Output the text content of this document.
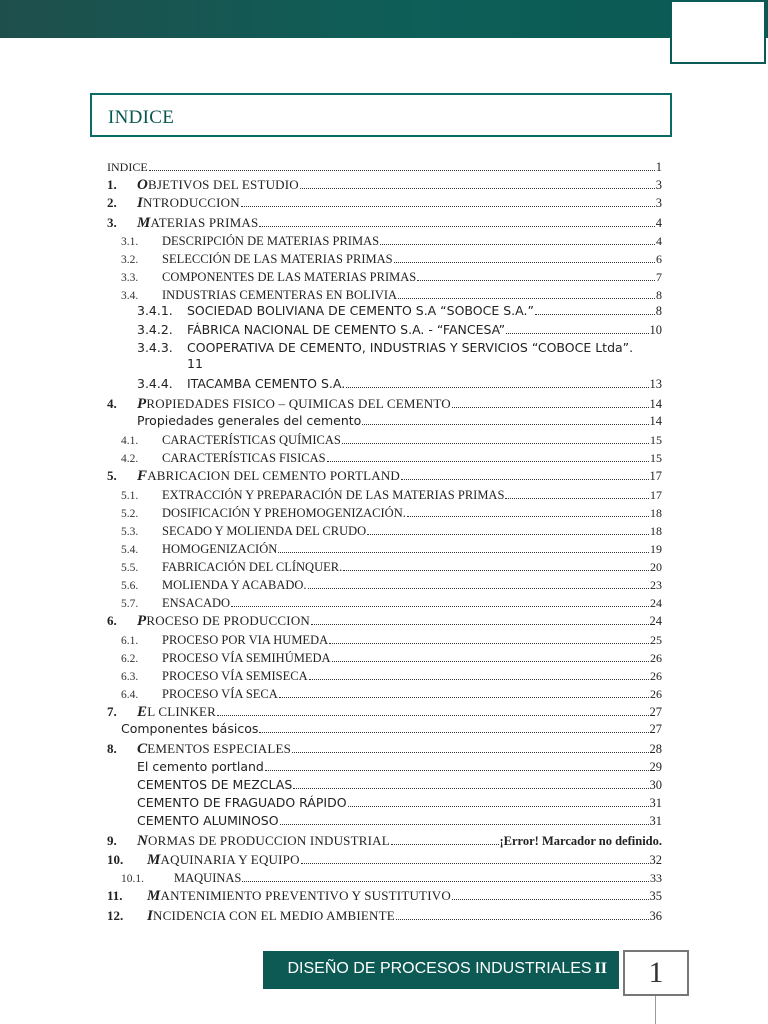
INDICE
INDICE	1
1.	OBJETIVOS DEL ESTUDIO	3
2.	INTRODUCCION	3
3.	MATERIAS PRIMAS	4
3.1.	DESCRIPCIÓN DE MATERIAS PRIMAS	4
3.2.	SELECCIÓN DE LAS MATERIAS PRIMAS	6
3.3.	COMPONENTES DE LAS MATERIAS PRIMAS	7
3.4.	INDUSTRIAS CEMENTERAS EN BOLIVIA	8
3.4.1.	SOCIEDAD BOLIVIANA DE CEMENTO S.A “SOBOCE S.A.”	8
3.4.2.	FÁBRICA NACIONAL DE CEMENTO S.A. - “FANCESA”	10
3.4.3.	COOPERATIVA DE CEMENTO, INDUSTRIAS Y SERVICIOS “COBOCE Ltda”.
11
3.4.4.	ITACAMBA CEMENTO S.A.	13
4.	PROPIEDADES FISICO – QUIMICAS DEL CEMENTO	14
Propiedades generales del cemento	14
4.1.	CARACTERÍSTICAS QUÍMICAS	15
4.2.	CARACTERÍSTICAS FISICAS	15
5.	FABRICACION DEL CEMENTO PORTLAND	17
5.1.	EXTRACCIÓN Y PREPARACIÓN DE LAS MATERIAS PRIMAS	17
5.2.	DOSIFICACIÓN Y PREHOMOGENIZACIÓN.	18
5.3.	SECADO Y MOLIENDA DEL CRUDO	18
5.4.	HOMOGENIZACIÓN	19
5.5.	FABRICACIÓN DEL CLÍNQUER.	20
5.6.	MOLIENDA Y ACABADO.	23
5.7.	ENSACADO	24
6.	PROCESO DE PRODUCCION	24
6.1.	PROCESO POR VIA HUMEDA	25
6.2.	PROCESO VÍA SEMIHÚMEDA	26
6.3.	PROCESO VÍA SEMISECA	26
6.4.	PROCESO VÍA SECA	26
7.	EL CLINKER	27
Componentes básicos	27
8.	CEMENTOS ESPECIALES	28
El cemento portland	29
CEMENTOS DE MEZCLAS	30
CEMENTO DE FRAGUADO RÁPIDO	31
CEMENTO ALUMINOSO	31
9.	NORMAS DE PRODUCCION INDUSTRIAL	¡Error! Marcador no definido.
10.	MAQUINARIA Y EQUIPO	32
10.1.	MAQUINAS	33
11.	MANTENIMIENTO PREVENTIVO Y SUSTITUTIVO	35
12.	INCIDENCIA CON EL MEDIO AMBIENTE	36
DISEÑO DE PROCESOS INDUSTRIALES II	1
